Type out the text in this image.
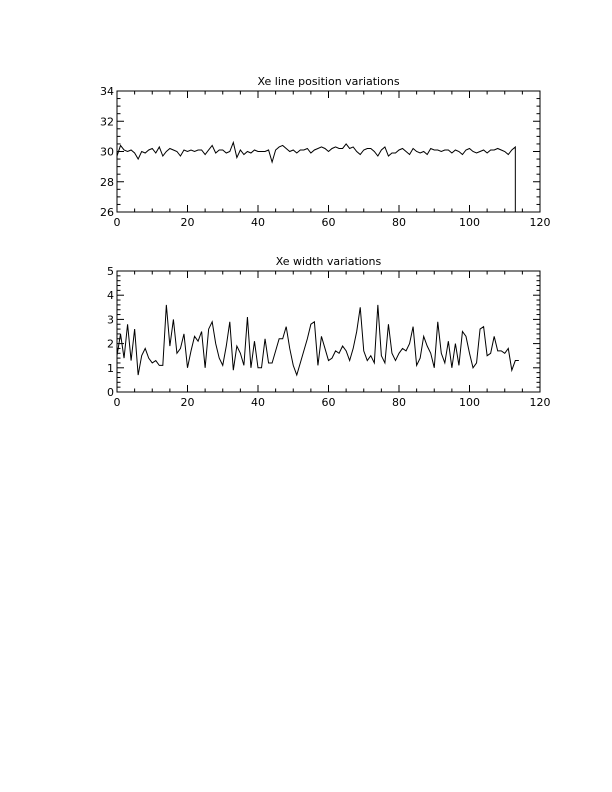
Xe line position variations
0	20	40	60	80	100	120
26
28
30
32
34
Xe width variations
0	20	40	60	80	100	120
0
1
2
3
4
5
